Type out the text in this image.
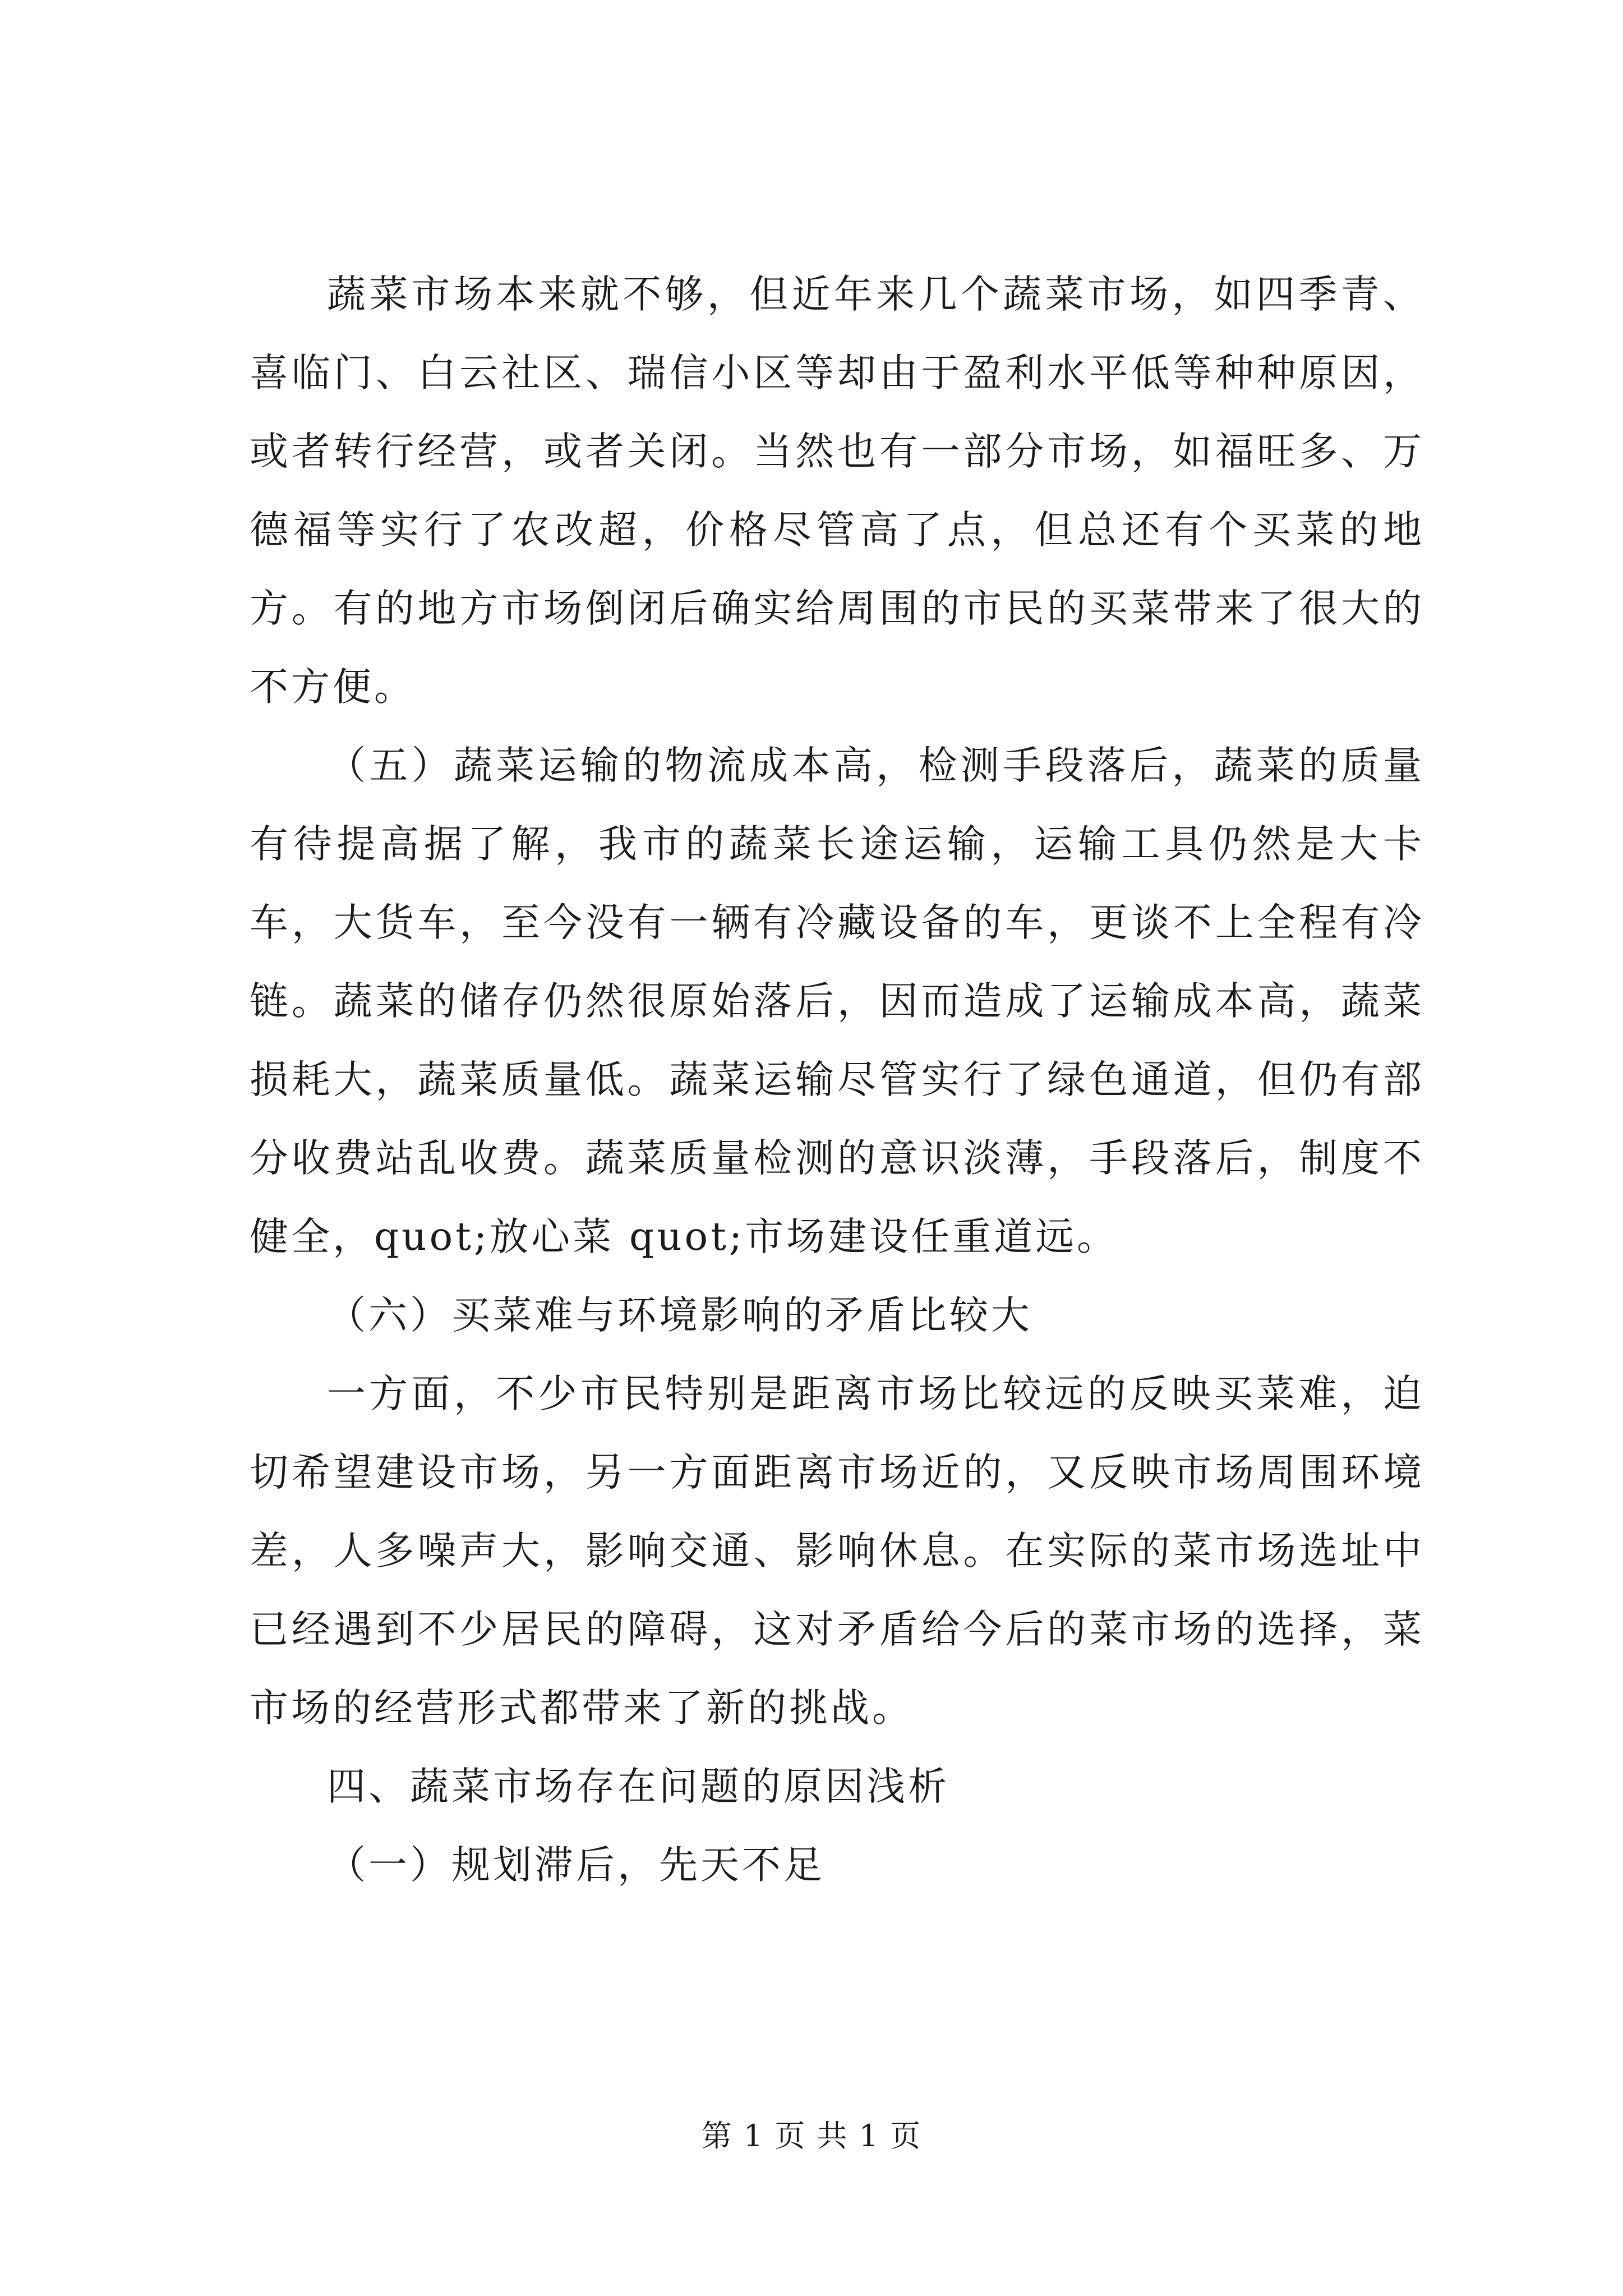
蔬菜市场本来就不够，但近年来几个蔬菜市场，如四季青、喜临门、白云社区、瑞信小区等却由于盈利水平低等种种原因，或者转行经营，或者关闭。当然也有一部分市场，如福旺多、万德福等实行了农改超，价格尽管高了点，但总还有个买菜的地方。有的地方市场倒闭后确实给周围的市民的买菜带来了很大的不方便。

（五）蔬菜运输的物流成本高，检测手段落后，蔬菜的质量有待提高据了解，我市的蔬菜长途运输，运输工具仍然是大卡车，大货车，至今没有一辆有冷藏设备的车，更谈不上全程有冷链。蔬菜的储存仍然很原始落后，因而造成了运输成本高，蔬菜损耗大，蔬菜质量低。蔬菜运输尽管实行了绿色通道，但仍有部分收费站乱收费。蔬菜质量检测的意识淡薄，手段落后，制度不健全，quot;放心菜 quot;市场建设任重道远。

（六）买菜难与环境影响的矛盾比较大

一方面，不少市民特别是距离市场比较远的反映买菜难，迫切希望建设市场，另一方面距离市场近的，又反映市场周围环境差，人多噪声大，影响交通、影响休息。在实际的菜市场选址中已经遇到不少居民的障碍，这对矛盾给今后的菜市场的选择，菜市场的经营形式都带来了新的挑战。

四、蔬菜市场存在问题的原因浅析

（一）规划滞后，先天不足

第 1 页 共 1 页
